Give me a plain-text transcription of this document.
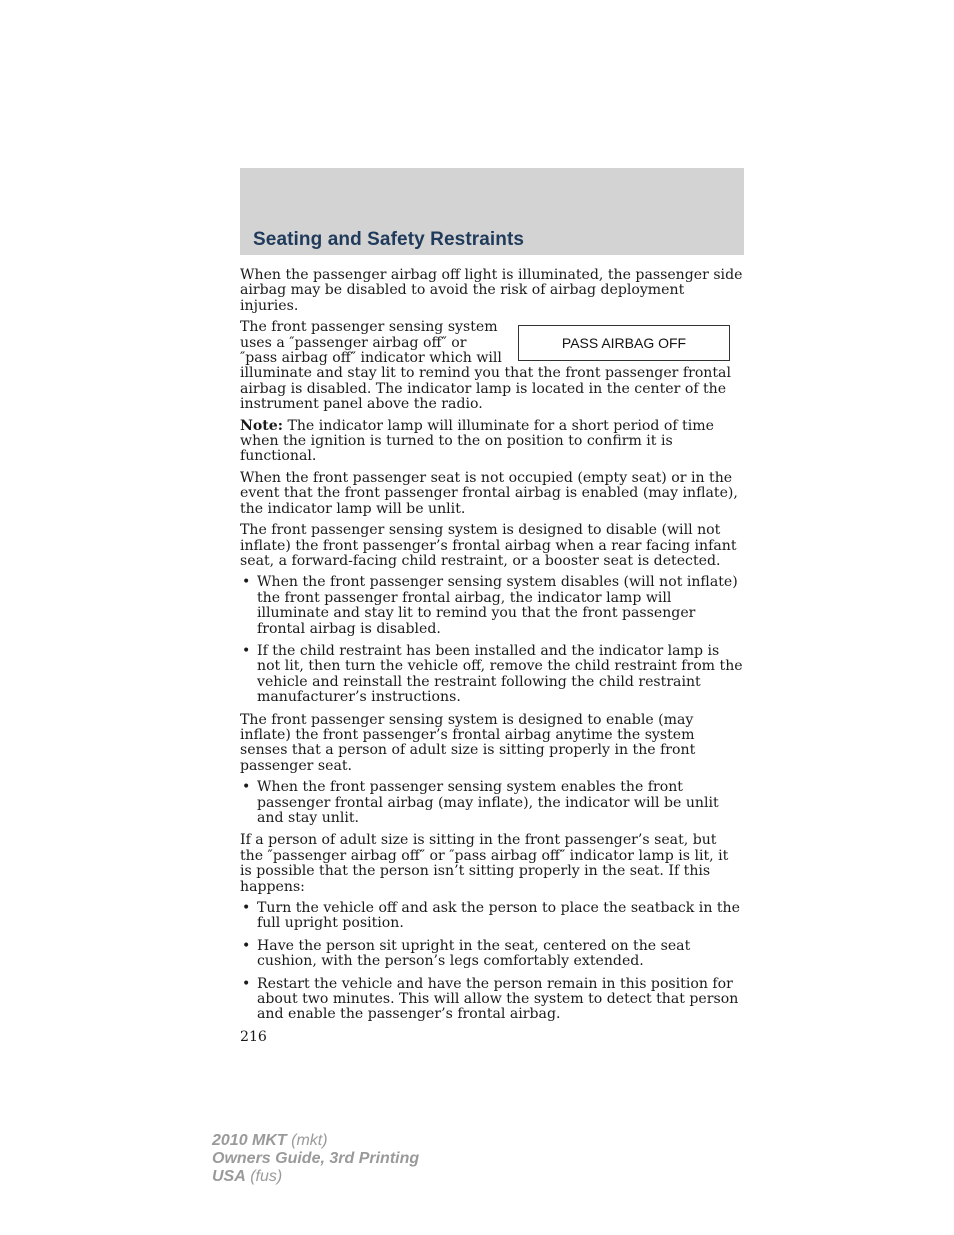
Seating and Safety Restraints

When the passenger airbag off light is illuminated, the passenger side airbag may be disabled to avoid the risk of airbag deployment injuries.

PASS AIRBAG OFF

The front passenger sensing system uses a ″passenger airbag off″ or ″pass airbag off″ indicator which will illuminate and stay lit to remind you that the front passenger frontal airbag is disabled. The indicator lamp is located in the center of the instrument panel above the radio.

Note: The indicator lamp will illuminate for a short period of time when the ignition is turned to the on position to confirm it is functional.

When the front passenger seat is not occupied (empty seat) or in the event that the front passenger frontal airbag is enabled (may inflate), the indicator lamp will be unlit.

The front passenger sensing system is designed to disable (will not inflate) the front passenger’s frontal airbag when a rear facing infant seat, a forward-facing child restraint, or a booster seat is detected.

• When the front passenger sensing system disables (will not inflate) the front passenger frontal airbag, the indicator lamp will illuminate and stay lit to remind you that the front passenger frontal airbag is disabled.
• If the child restraint has been installed and the indicator lamp is not lit, then turn the vehicle off, remove the child restraint from the vehicle and reinstall the restraint following the child restraint manufacturer’s instructions.

The front passenger sensing system is designed to enable (may inflate) the front passenger’s frontal airbag anytime the system senses that a person of adult size is sitting properly in the front passenger seat.

• When the front passenger sensing system enables the front passenger frontal airbag (may inflate), the indicator will be unlit and stay unlit.

If a person of adult size is sitting in the front passenger’s seat, but the ″passenger airbag off″ or ″pass airbag off″ indicator lamp is lit, it is possible that the person isn’t sitting properly in the seat. If this happens:

• Turn the vehicle off and ask the person to place the seatback in the full upright position.
• Have the person sit upright in the seat, centered on the seat cushion, with the person’s legs comfortably extended.
• Restart the vehicle and have the person remain in this position for about two minutes. This will allow the system to detect that person and enable the passenger’s frontal airbag.
216
2010 MKT (mkt)
Owners Guide, 3rd Printing
USA (fus)
